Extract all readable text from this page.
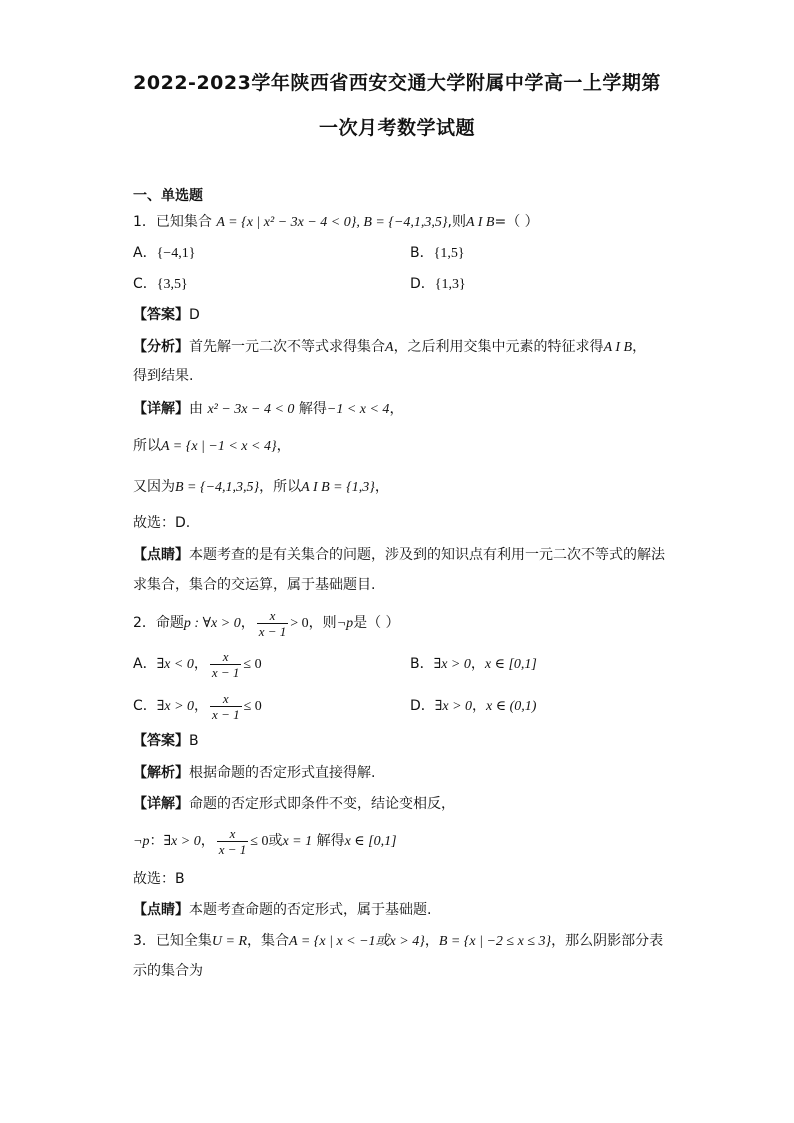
2022-2023学年陕西省西安交通大学附属中学高一上学期第
一次月考数学试题
一、单选题
1．已知集合 A = {x | x² − 3x − 4 < 0}, B = {−4,1,3,5},则A I B=（ ）
A．{−4,1}	B．{1,5}
C．{3,5}	D．{1,3}
【答案】D
【分析】首先解一元二次不等式求得集合A，之后利用交集中元素的特征求得A I B，
得到结果.
【详解】由 x² − 3x − 4 < 0 解得−1 < x < 4，
所以A = {x | −1 < x < 4}，
又因为B = {−4,1,3,5}，所以A I B = {1,3}，
故选：D.
【点睛】本题考查的是有关集合的问题，涉及到的知识点有利用一元二次不等式的解法
求集合，集合的交运算，属于基础题目.
2．命题p : ∀x > 0， $\frac{x}{x - 1} > 0$，则¬p是（ ）
A．∃x < 0， $\frac{x}{x - 1} \le 0$	B．∃x > 0，x ∈ [0,1]
C．∃x > 0， $\frac{x}{x - 1} \le 0$	D．∃x > 0，x ∈ (0,1)
【答案】B
【解析】根据命题的否定形式直接得解.
【详解】命题的否定形式即条件不变，结论变相反，
¬p：∃x > 0， $\frac{x}{x - 1} \le 0$或x = 1 解得x ∈ [0,1]
故选：B
【点睛】本题考查命题的否定形式，属于基础题.
3．已知全集U = R，集合A = {x | x < −1或x > 4}，B = {x | −2 ≤ x ≤ 3}，那么阴影部分表
示的集合为
